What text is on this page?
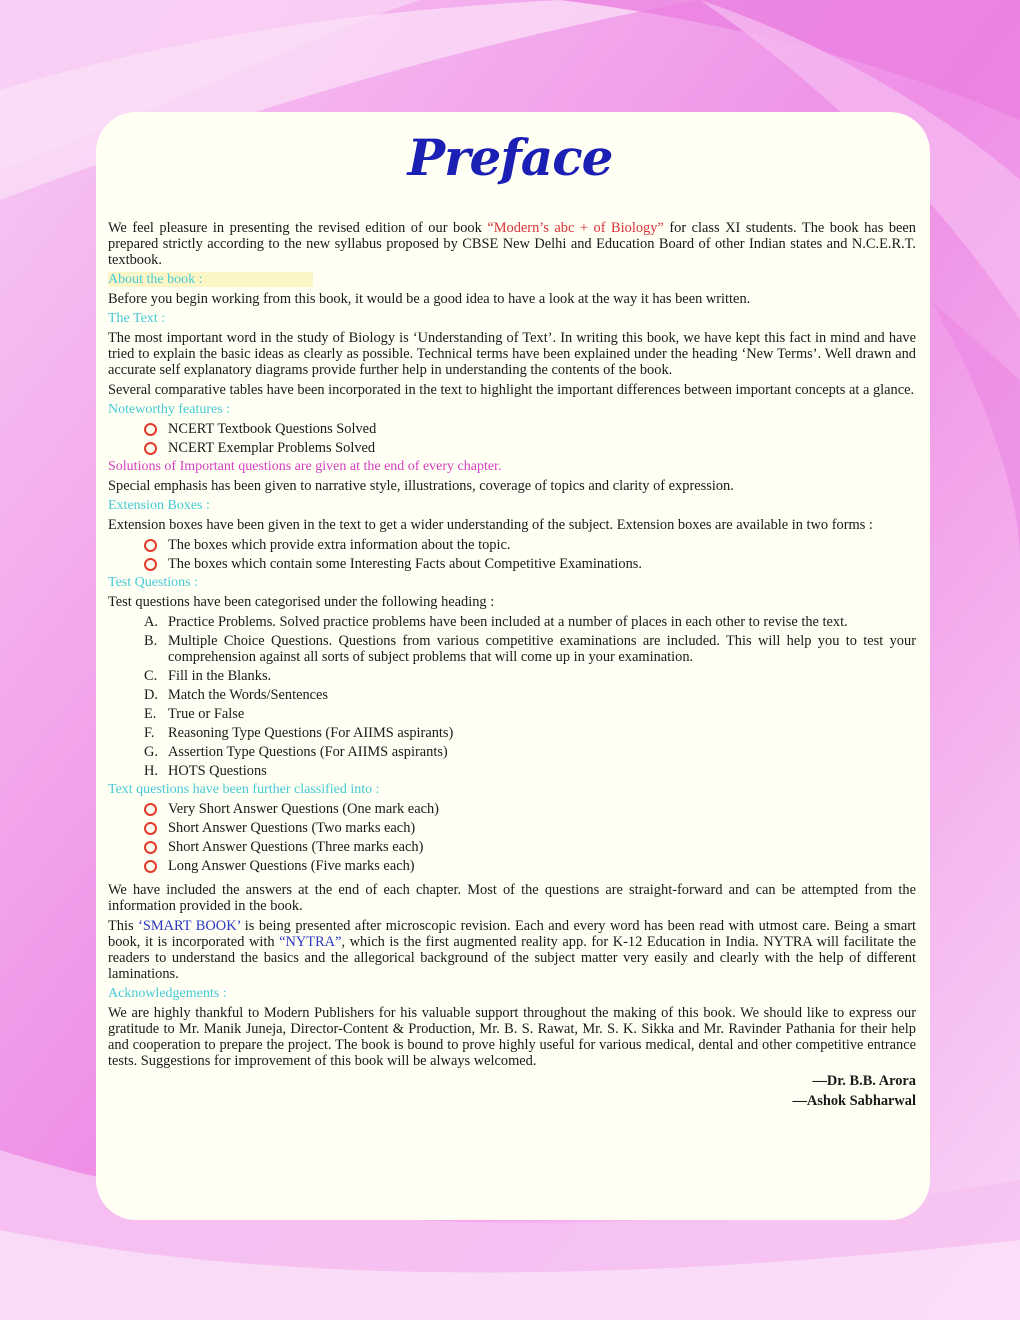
Preface

We feel pleasure in presenting the revised edition of our book “Modern’s abc + of Biology” for class XI students. The book has been prepared strictly according to the new syllabus proposed by CBSE New Delhi and Education Board of other Indian states and N.C.E.R.T. textbook.

About the book :

Before you begin working from this book, it would be a good idea to have a look at the way it has been written.

The Text :

The most important word in the study of Biology is ‘Understanding of Text’. In writing this book, we have kept this fact in mind and have tried to explain the basic ideas as clearly as possible. Technical terms have been explained under the heading ‘New Terms’. Well drawn and accurate self explanatory diagrams provide further help in understanding the contents of the book.

Several comparative tables have been incorporated in the text to highlight the important differences between important concepts at a glance.

Noteworthy features :
NCERT Textbook Questions Solved
NCERT Exemplar Problems Solved
Solutions of Important questions are given at the end of every chapter.

Special emphasis has been given to narrative style, illustrations, coverage of topics and clarity of expression.

Extension Boxes :

Extension boxes have been given in the text to get a wider understanding of the subject. Extension boxes are available in two forms :

The boxes which provide extra information about the topic.
The boxes which contain some Interesting Facts about Competitive Examinations.
Test Questions :

Test questions have been categorised under the following heading :

A. Practice Problems. Solved practice problems have been included at a number of places in each other to revise the text.
B. Multiple Choice Questions. Questions from various competitive examinations are included. This will help you to test your comprehension against all sorts of subject problems that will come up in your examination.
C. Fill in the Blanks.
D. Match the Words/Sentences
E. True or False
F. Reasoning Type Questions (For AIIMS aspirants)
G. Assertion Type Questions (For AIIMS aspirants)
H. HOTS Questions
Text questions have been further classified into :
Very Short Answer Questions (One mark each)
Short Answer Questions (Two marks each)
Short Answer Questions (Three marks each)
Long Answer Questions (Five marks each)

We have included the answers at the end of each chapter. Most of the questions are straight-forward and can be attempted from the information provided in the book.

This ‘SMART BOOK’ is being presented after microscopic revision. Each and every word has been read with utmost care. Being a smart book, it is incorporated with “NYTRA”, which is the first augmented reality app. for K-12 Education in India. NYTRA will facilitate the readers to understand the basics and the allegorical background of the subject matter very easily and clearly with the help of different laminations.

Acknowledgements :

We are highly thankful to Modern Publishers for his valuable support throughout the making of this book. We should like to express our gratitude to Mr. Manik Juneja, Director-Content & Production, Mr. B. S. Rawat, Mr. S. K. Sikka and Mr. Ravinder Pathania for their help and cooperation to prepare the project. The book is bound to prove highly useful for various medical, dental and other competitive entrance tests. Suggestions for improvement of this book will be always welcomed.

—Dr. B.B. Arora
—Ashok Sabharwal
